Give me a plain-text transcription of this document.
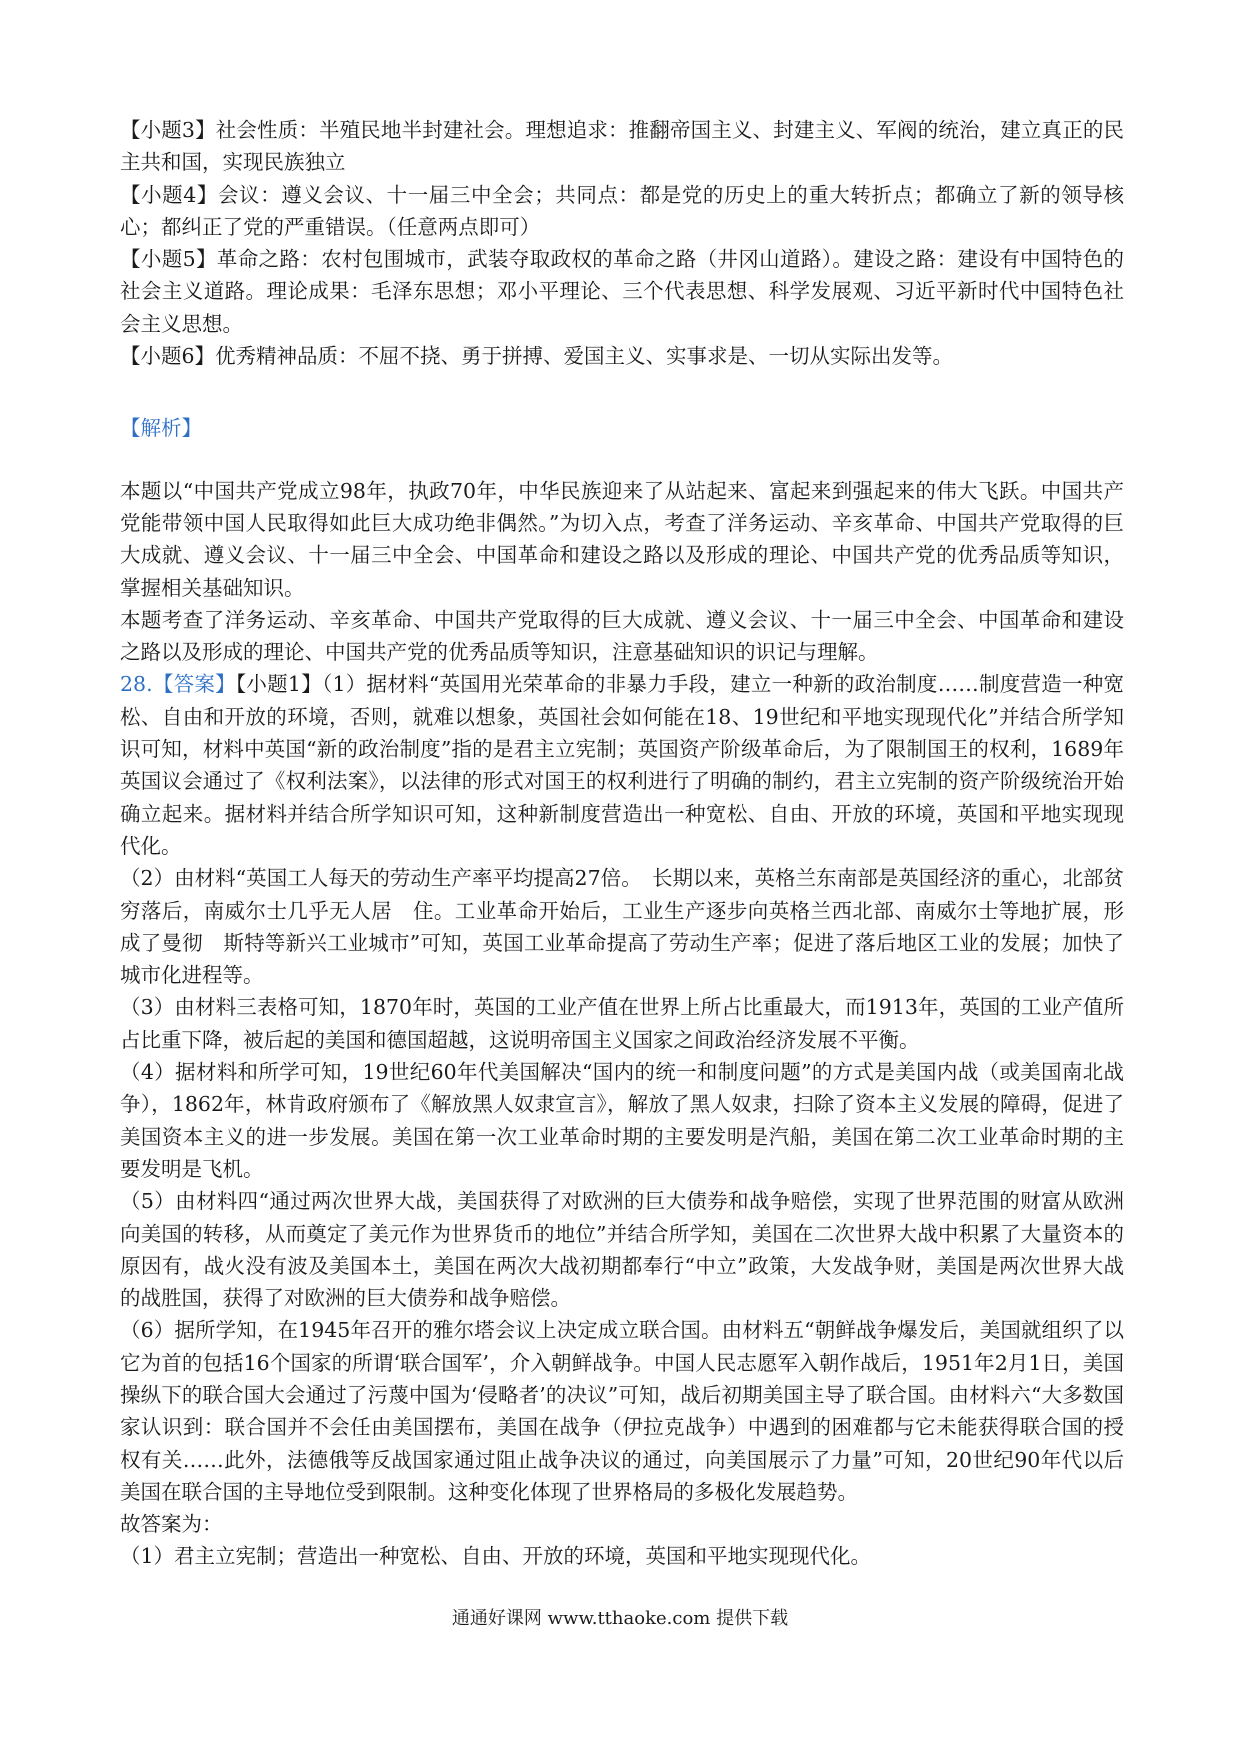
【小题3】社会性质：半殖民地半封建社会。理想追求：推翻帝国主义、封建主义、军阀的统治，建立真正的民主共和国，实现民族独立

【小题4】会议：遵义会议、十一届三中全会；共同点：都是党的历史上的重大转折点；都确立了新的领导核心；都纠正了党的严重错误。（任意两点即可）

【小题5】革命之路：农村包围城市，武装夺取政权的革命之路（井冈山道路）。建设之路：建设有中国特色的社会主义道路。理论成果：毛泽东思想；邓小平理论、三个代表思想、科学发展观、习近平新时代中国特色社会主义思想。

【小题6】优秀精神品质：不屈不挠、勇于拼搏、爱国主义、实事求是、一切从实际出发等。

【解析】

本题以“中国共产党成立98年，执政70年，中华民族迎来了从站起来、富起来到强起来的伟大飞跃。中国共产党能带领中国人民取得如此巨大成功绝非偶然。”为切入点，考查了洋务运动、辛亥革命、中国共产党取得的巨大成就、遵义会议、十一届三中全会、中国革命和建设之路以及形成的理论、中国共产党的优秀品质等知识，掌握相关基础知识。

本题考查了洋务运动、辛亥革命、中国共产党取得的巨大成就、遵义会议、十一届三中全会、中国革命和建设之路以及形成的理论、中国共产党的优秀品质等知识，注意基础知识的识记与理解。

28.【答案】【小题1】（1）据材料“英国用光荣革命的非暴力手段，建立一种新的政治制度……制度营造一种宽松、自由和开放的环境，否则，就难以想象，英国社会如何能在18、19世纪和平地实现现代化”并结合所学知识可知，材料中英国“新的政治制度”指的是君主立宪制；英国资产阶级革命后，为了限制国王的权利，1689年英国议会通过了《权利法案》，以法律的形式对国王的权利进行了明确的制约，君主立宪制的资产阶级统治开始确立起来。据材料并结合所学知识可知，这种新制度营造出一种宽松、自由、开放的环境，英国和平地实现现代化。

（2）由材料“英国工人每天的劳动生产率平均提高27倍。　长期以来，英格兰东南部是英国经济的重心，北部贫穷落后，南威尔士几乎无人居　住。工业革命开始后，工业生产逐步向英格兰西北部、南威尔士等地扩展，形成了曼彻　斯特等新兴工业城市”可知，英国工业革命提高了劳动生产率；促进了落后地区工业的发展；加快了城市化进程等。

（3）由材料三表格可知，1870年时，英国的工业产值在世界上所占比重最大，而1913年，英国的工业产值所占比重下降，被后起的美国和德国超越，这说明帝国主义国家之间政治经济发展不平衡。

（4）据材料和所学可知，19世纪60年代美国解决“国内的统一和制度问题”的方式是美国内战（或美国南北战争），1862年，林肯政府颁布了《解放黑人奴隶宣言》，解放了黑人奴隶，扫除了资本主义发展的障碍，促进了美国资本主义的进一步发展。美国在第一次工业革命时期的主要发明是汽船，美国在第二次工业革命时期的主要发明是飞机。

（5）由材料四“通过两次世界大战，美国获得了对欧洲的巨大债券和战争赔偿，实现了世界范围的财富从欧洲向美国的转移，从而奠定了美元作为世界货币的地位”并结合所学知，美国在二次世界大战中积累了大量资本的原因有，战火没有波及美国本土，美国在两次大战初期都奉行“中立”政策，大发战争财，美国是两次世界大战的战胜国，获得了对欧洲的巨大债券和战争赔偿。

（6）据所学知，在1945年召开的雅尔塔会议上决定成立联合国。由材料五“朝鲜战争爆发后，美国就组织了以它为首的包括16个国家的所谓‘联合国军’，介入朝鲜战争。中国人民志愿军入朝作战后，1951年2月1日，美国操纵下的联合国大会通过了污蔑中国为‘侵略者’的决议”可知，战后初期美国主导了联合国。由材料六“大多数国家认识到：联合国并不会任由美国摆布，美国在战争（伊拉克战争）中遇到的困难都与它未能获得联合国的授权有关……此外，法德俄等反战国家通过阻止战争决议的通过，向美国展示了力量”可知，20世纪90年代以后美国在联合国的主导地位受到限制。这种变化体现了世界格局的多极化发展趋势。

故答案为：

（1）君主立宪制；营造出一种宽松、自由、开放的环境，英国和平地实现现代化。

通通好课网 www.tthaoke.com 提供下载
